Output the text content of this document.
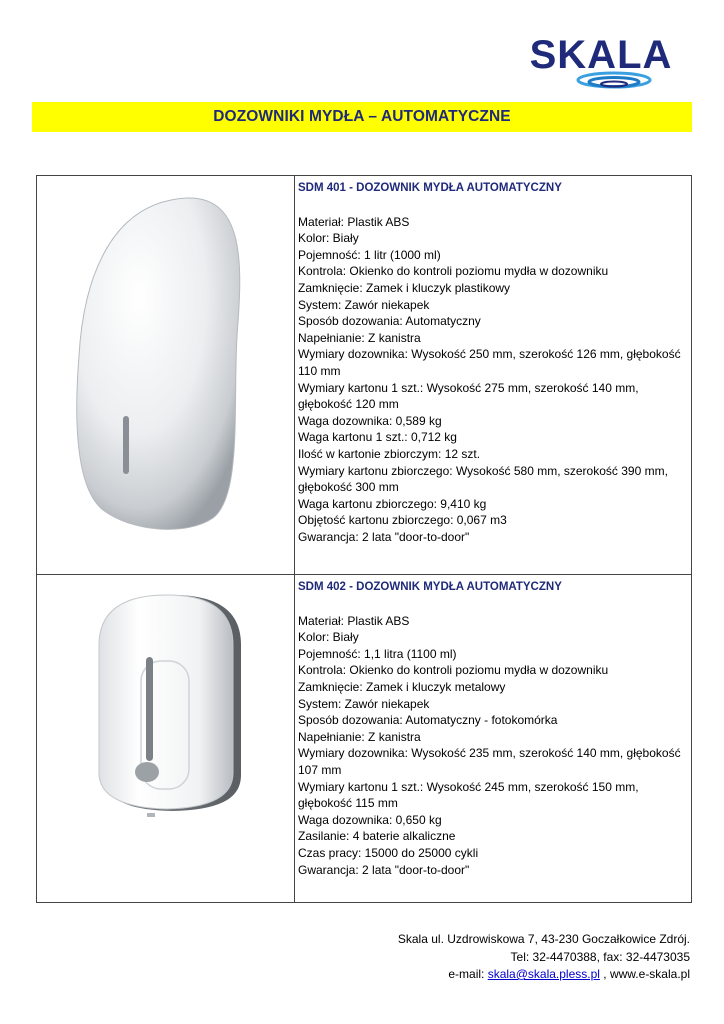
SKALA
DOZOWNIKI MYDŁA – AUTOMATYCZNE
SDM 401 - DOZOWNIK MYDŁA AUTOMATYCZNY
Materiał: Plastik ABS
Kolor: Biały
Pojemność: 1 litr (1000 ml)
Kontrola: Okienko do kontroli poziomu mydła w dozowniku
Zamknięcie: Zamek i kluczyk plastikowy
System: Zawór niekapek
Sposób dozowania: Automatyczny
Napełnianie: Z kanistra
Wymiary dozownika: Wysokość 250 mm, szerokość 126 mm, głębokość 110 mm
Wymiary kartonu 1 szt.: Wysokość 275 mm, szerokość 140 mm, głębokość 120 mm
Waga dozownika: 0,589 kg
Waga kartonu 1 szt.: 0,712 kg
Ilość w kartonie zbiorczym: 12 szt.
Wymiary kartonu zbiorczego: Wysokość 580 mm, szerokość 390 mm, głębokość 300 mm
Waga kartonu zbiorczego: 9,410 kg
Objętość kartonu zbiorczego: 0,067 m3
Gwarancja: 2 lata "door-to-door"
SDM 402 - DOZOWNIK MYDŁA AUTOMATYCZNY
Materiał: Plastik ABS
Kolor: Biały
Pojemność: 1,1 litra (1100 ml)
Kontrola: Okienko do kontroli poziomu mydła w dozowniku
Zamknięcie: Zamek i kluczyk metalowy
System: Zawór niekapek
Sposób dozowania: Automatyczny - fotokomórka
Napełnianie: Z kanistra
Wymiary dozownika: Wysokość 235 mm, szerokość 140 mm, głębokość 107 mm
Wymiary kartonu 1 szt.: Wysokość 245 mm, szerokość 150 mm, głębokość 115 mm
Waga dozownika: 0,650 kg
Zasilanie: 4 baterie alkaliczne
Czas pracy: 15000 do 25000 cykli
Gwarancja: 2 lata "door-to-door"
Skala ul. Uzdrowiskowa 7, 43-230 Goczałkowice Zdrój.
Tel: 32-4470388, fax: 32-4473035
e-mail: skala@skala.pless.pl , www.e-skala.pl
